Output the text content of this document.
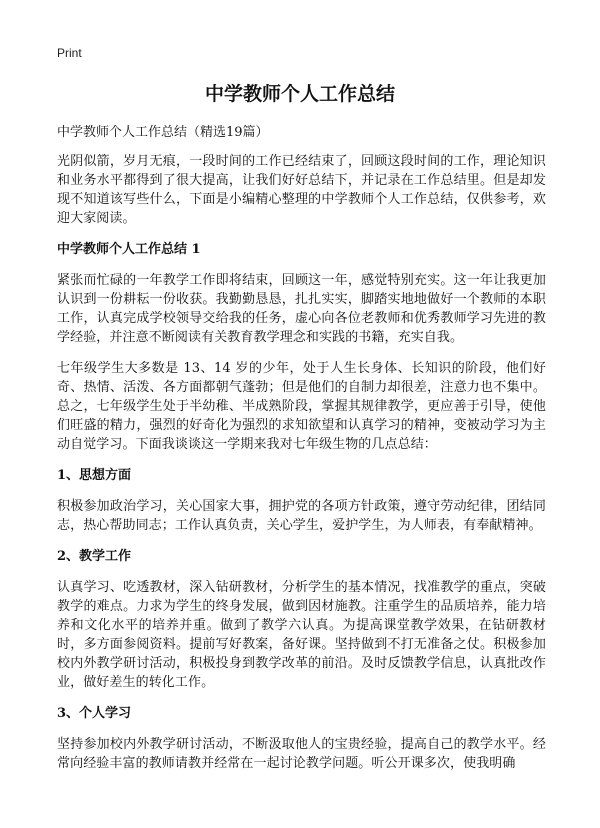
Print
中学教师个人工作总结

中学教师个人工作总结（精选19篇）

光阴似箭，岁月无痕，一段时间的工作已经结束了，回顾这段时间的工作，理论知识和业务水平都得到了很大提高，让我们好好总结下，并记录在工作总结里。但是却发现不知道该写些什么，下面是小编精心整理的中学教师个人工作总结，仅供参考，欢迎大家阅读。

中学教师个人工作总结 1

紧张而忙碌的一年教学工作即将结束，回顾这一年，感觉特别充实。这一年让我更加认识到一份耕耘一份收获。我勤勤恳恳，扎扎实实，脚踏实地地做好一个教师的本职工作，认真完成学校领导交给我的任务，虚心向各位老教师和优秀教师学习先进的教学经验，并注意不断阅读有关教育教学理念和实践的书籍，充实自我。

七年级学生大多数是 13、14 岁的少年，处于人生长身体、长知识的阶段，他们好奇、热情、活泼、各方面都朝气蓬勃；但是他们的自制力却很差，注意力也不集中。总之，七年级学生处于半幼稚、半成熟阶段，掌握其规律教学，更应善于引导，使他们旺盛的精力，强烈的好奇化为强烈的求知欲望和认真学习的精神，变被动学习为主动自觉学习。下面我谈谈这一学期来我对七年级生物的几点总结：

1、思想方面

积极参加政治学习，关心国家大事，拥护党的各项方针政策，遵守劳动纪律，团结同志，热心帮助同志；工作认真负责，关心学生，爱护学生，为人师表，有奉献精神。

2、教学工作

认真学习、吃透教材，深入钻研教材，分析学生的基本情况，找准教学的重点，突破教学的难点。力求为学生的终身发展，做到因材施教。注重学生的品质培养，能力培养和文化水平的培养并重。做到了教学六认真。为提高课堂教学效果，在钻研教材时，多方面参阅资料。提前写好教案，备好课。坚持做到不打无准备之仗。积极参加校内外教学研讨活动，积极投身到教学改革的前沿。及时反馈教学信息，认真批改作业，做好差生的转化工作。

3、个人学习

坚持参加校内外教学研讨活动，不断汲取他人的宝贵经验，提高自己的教学水平。经常向经验丰富的教师请教并经常在一起讨论教学问题。听公开课多次，使我明确
